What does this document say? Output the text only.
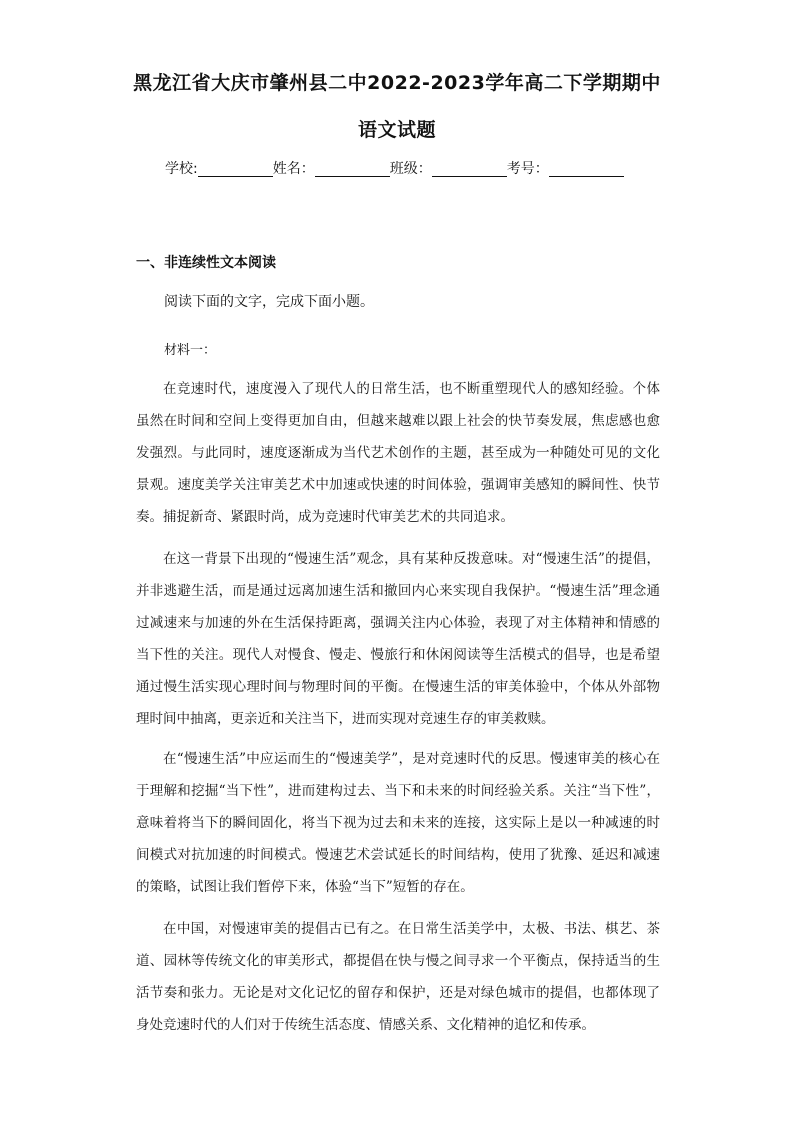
黑龙江省大庆市肇州县二中2022-2023学年高二下学期期中
语文试题
学校:	姓名：	班级：	考号：
一、非连续性文本阅读
阅读下面的文字，完成下面小题。
材料一：

在竞速时代，速度漫入了现代人的日常生活，也不断重塑现代人的感知经验。个体虽然在时间和空间上变得更加自由，但越来越难以跟上社会的快节奏发展，焦虑感也愈发强烈。与此同时，速度逐渐成为当代艺术创作的主题，甚至成为一种随处可见的文化景观。速度美学关注审美艺术中加速或快速的时间体验，强调审美感知的瞬间性、快节奏。捕捉新奇、紧跟时尚，成为竞速时代审美艺术的共同追求。

在这一背景下出现的“慢速生活”观念，具有某种反拨意味。对“慢速生活”的提倡，并非逃避生活，而是通过远离加速生活和撤回内心来实现自我保护。“慢速生活”理念通过减速来与加速的外在生活保持距离，强调关注内心体验，表现了对主体精神和情感的当下性的关注。现代人对慢食、慢走、慢旅行和休闲阅读等生活模式的倡导，也是希望通过慢生活实现心理时间与物理时间的平衡。在慢速生活的审美体验中，个体从外部物理时间中抽离，更亲近和关注当下，进而实现对竞速生存的审美救赎。

在“慢速生活”中应运而生的“慢速美学”，是对竞速时代的反思。慢速审美的核心在于理解和挖掘“当下性”，进而建构过去、当下和未来的时间经验关系。关注“当下性”，意味着将当下的瞬间固化，将当下视为过去和未来的连接，这实际上是以一种减速的时间模式对抗加速的时间模式。慢速艺术尝试延长的时间结构，使用了犹豫、延迟和减速的策略，试图让我们暂停下来，体验“当下”短暂的存在。

在中国，对慢速审美的提倡古已有之。在日常生活美学中，太极、书法、棋艺、茶道、园林等传统文化的审美形式，都提倡在快与慢之间寻求一个平衡点，保持适当的生活节奏和张力。无论是对文化记忆的留存和保护，还是对绿色城市的提倡，也都体现了身处竞速时代的人们对于传统生活态度、情感关系、文化精神的追忆和传承。
